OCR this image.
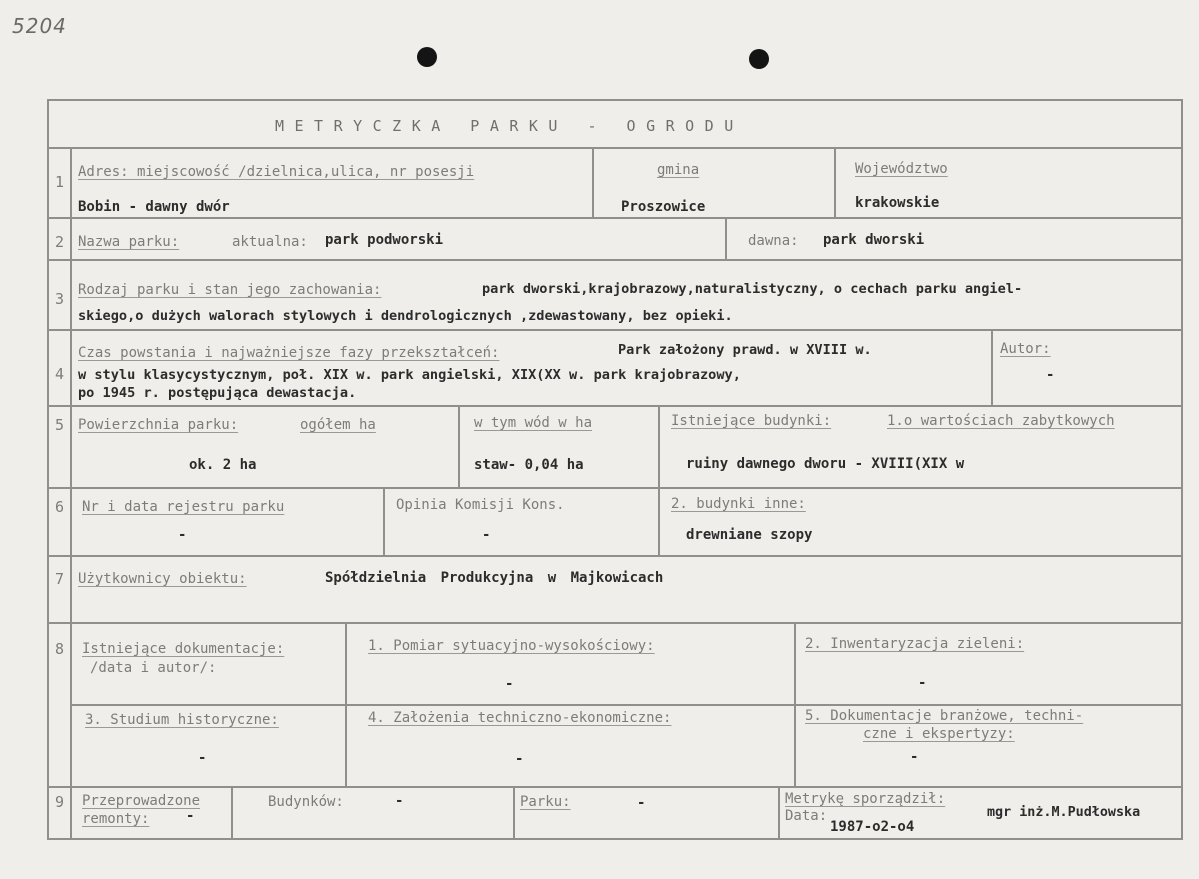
5204
METRYCZKA PARKU - OGRODU
1
Adres: miejscowość /dzielnica,ulica, nr posesji
Bobin - dawny dwór
gmina
Proszowice
Województwo
krakowskie
2 Nazwa parku:	aktualna: park podworski	dawna: park dworski
3 Rodzaj parku i stan jego zachowania:	park dworski,krajobrazowy,naturalistyczny, o cechach parku angiel-
skiego,o dużych walorach stylowych i dendrologicznych ,zdewastowany, bez opieki.
4
Czas powstania i najważniejsze fazy przekształceń:	Park założony prawd. w XVIII w.
w stylu klasycystycznym, poł. XIX w. park angielski, XIX(XX w. park krajobrazowy,
po 1945 r. postępująca dewastacja.
Autor:
-
5 Powierzchnia parku:	ogółem ha
ok. 2 ha
w tym wód w ha
staw- 0,04 ha
Istniejące budynki:	1.o wartościach zabytkowych
ruiny dawnego dworu - XVIII(XIX w
6 Nr i data rejestru parku
-
Opinia Komisji Kons.
-
2. budynki inne:
drewniane szopy
7 Użytkownicy obiektu:	Spółdzielnia Produkcyjna w Majkowicach
8 Istniejące dokumentacje:
/data i autor/:
1. Pomiar sytuacyjno-wysokościowy:
-
2. Inwentaryzacja zieleni:
-
3. Studium historyczne:
-
4. Założenia techniczno-ekonomiczne:
-
5. Dokumentacje branżowe, techni-
czne i ekspertyzy:
-
9 Przeprowadzone
remonty:	-
Budynków:	-	Parku:	-	Metrykę sporządził:
mgr inż.M.Pudłowska
Data:
1987-o2-o4
